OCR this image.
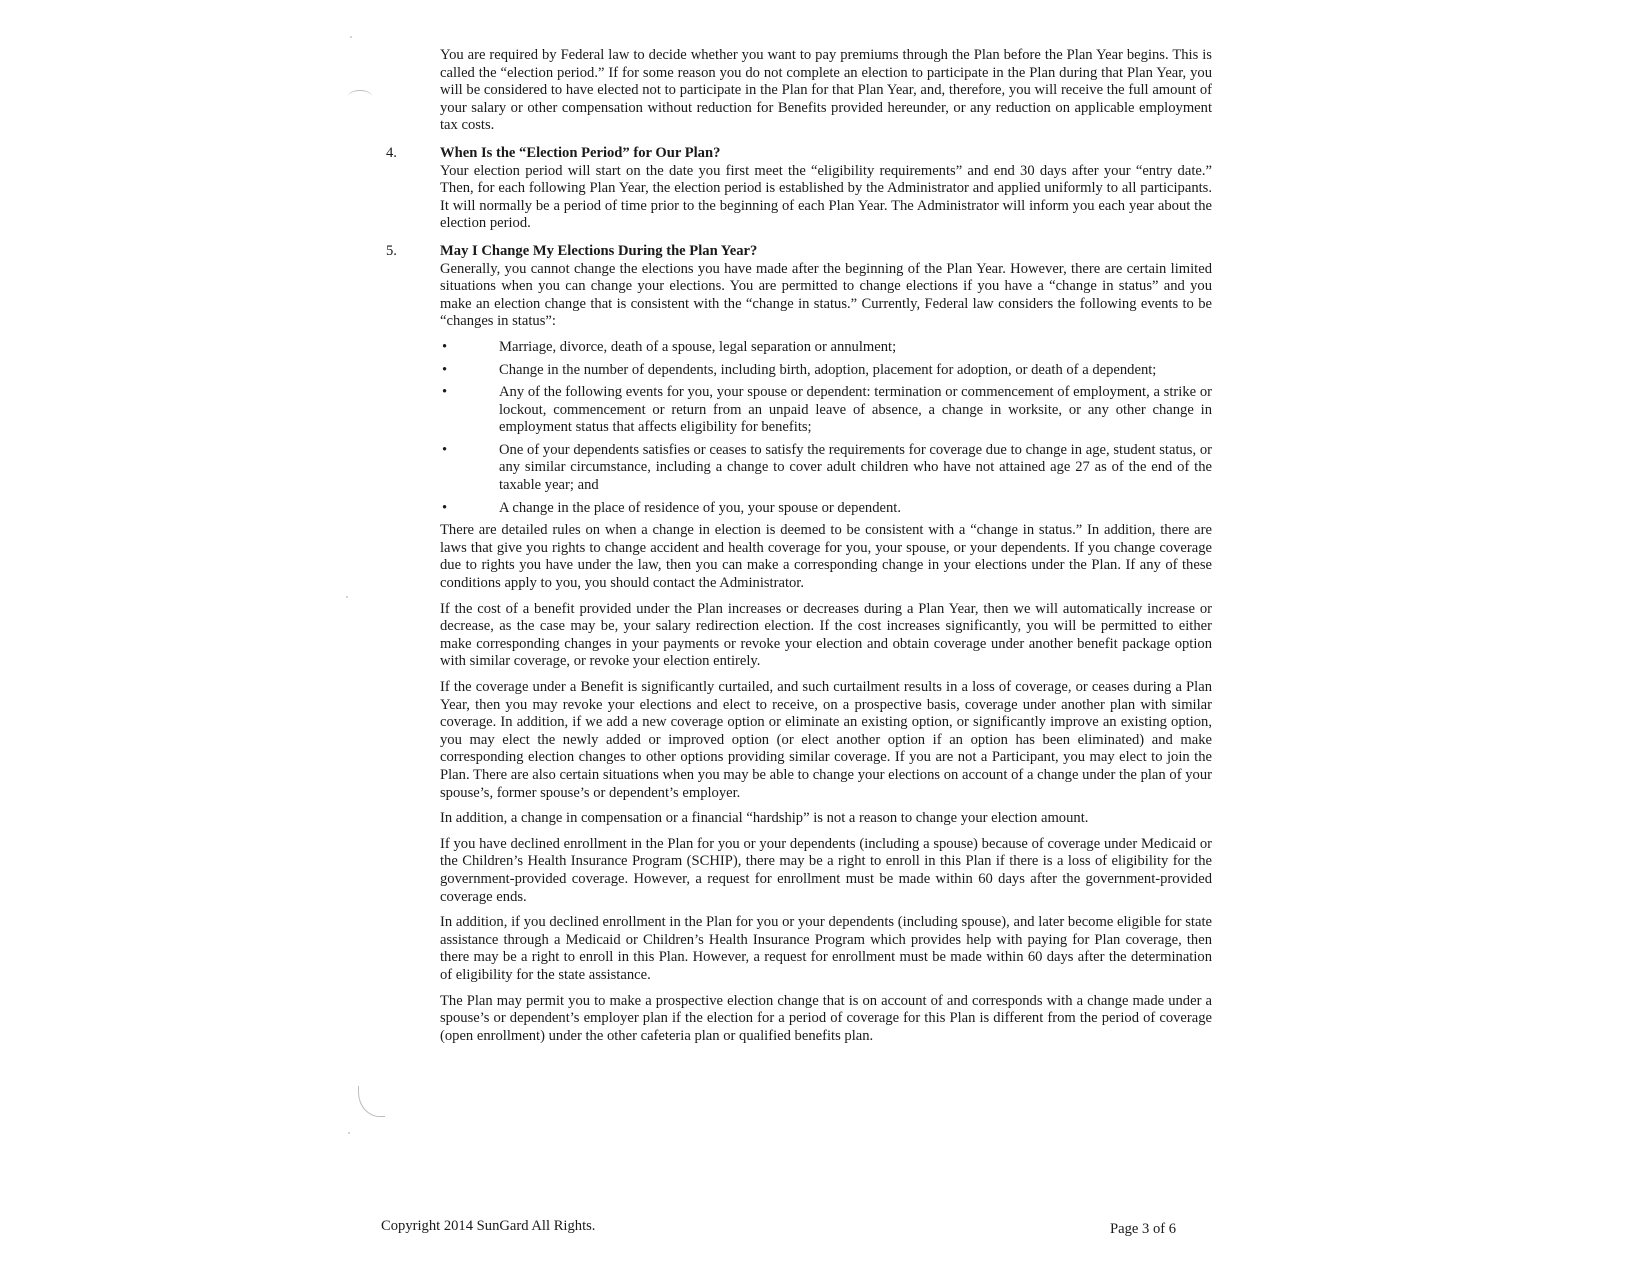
You are required by Federal law to decide whether you want to pay premiums through the Plan before the Plan Year begins. This is called the “election period.” If for some reason you do not complete an election to participate in the Plan during that Plan Year, you will be considered to have elected not to participate in the Plan for that Plan Year, and, therefore, you will receive the full amount of your salary or other compensation without reduction for Benefits provided hereunder, or any reduction on applicable employment tax costs.

4.	When Is the “Election Period” for Our Plan?

Your election period will start on the date you first meet the “eligibility requirements” and end 30 days after your “entry date.” Then, for each following Plan Year, the election period is established by the Administrator and applied uniformly to all participants. It will normally be a period of time prior to the beginning of each Plan Year. The Administrator will inform you each year about the election period.

5.	May I Change My Elections During the Plan Year?

Generally, you cannot change the elections you have made after the beginning of the Plan Year. However, there are certain limited situations when you can change your elections. You are permitted to change elections if you have a “change in status” and you make an election change that is consistent with the “change in status.” Currently, Federal law considers the following events to be “changes in status”:

•	Marriage, divorce, death of a spouse, legal separation or annulment;
•	Change in the number of dependents, including birth, adoption, placement for adoption, or death of a dependent;
•	Any of the following events for you, your spouse or dependent: termination or commencement of employment, a strike or lockout, commencement or return from an unpaid leave of absence, a change in worksite, or any other change in employment status that affects eligibility for benefits;
•	One of your dependents satisfies or ceases to satisfy the requirements for coverage due to change in age, student status, or any similar circumstance, including a change to cover adult children who have not attained age 27 as of the end of the taxable year; and
•	A change in the place of residence of you, your spouse or dependent.

There are detailed rules on when a change in election is deemed to be consistent with a “change in status.” In addition, there are laws that give you rights to change accident and health coverage for you, your spouse, or your dependents. If you change coverage due to rights you have under the law, then you can make a corresponding change in your elections under the Plan. If any of these conditions apply to you, you should contact the Administrator.

If the cost of a benefit provided under the Plan increases or decreases during a Plan Year, then we will automatically increase or decrease, as the case may be, your salary redirection election. If the cost increases significantly, you will be permitted to either make corresponding changes in your payments or revoke your election and obtain coverage under another benefit package option with similar coverage, or revoke your election entirely.

If the coverage under a Benefit is significantly curtailed, and such curtailment results in a loss of coverage, or ceases during a Plan Year, then you may revoke your elections and elect to receive, on a prospective basis, coverage under another plan with similar coverage. In addition, if we add a new coverage option or eliminate an existing option, or significantly improve an existing option, you may elect the newly added or improved option (or elect another option if an option has been eliminated) and make corresponding election changes to other options providing similar coverage. If you are not a Participant, you may elect to join the Plan. There are also certain situations when you may be able to change your elections on account of a change under the plan of your spouse’s, former spouse’s or dependent’s employer.

In addition, a change in compensation or a financial “hardship” is not a reason to change your election amount.

If you have declined enrollment in the Plan for you or your dependents (including a spouse) because of coverage under Medicaid or the Children’s Health Insurance Program (SCHIP), there may be a right to enroll in this Plan if there is a loss of eligibility for the government-provided coverage. However, a request for enrollment must be made within 60 days after the government-provided coverage ends.

In addition, if you declined enrollment in the Plan for you or your dependents (including spouse), and later become eligible for state assistance through a Medicaid or Children’s Health Insurance Program which provides help with paying for Plan coverage, then there may be a right to enroll in this Plan. However, a request for enrollment must be made within 60 days after the determination of eligibility for the state assistance.

The Plan may permit you to make a prospective election change that is on account of and corresponds with a change made under a spouse’s or dependent’s employer plan if the election for a period of coverage for this Plan is different from the period of coverage (open enrollment) under the other cafeteria plan or qualified benefits plan.

Copyright 2014 SunGard All Rights.	Page 3 of 6
